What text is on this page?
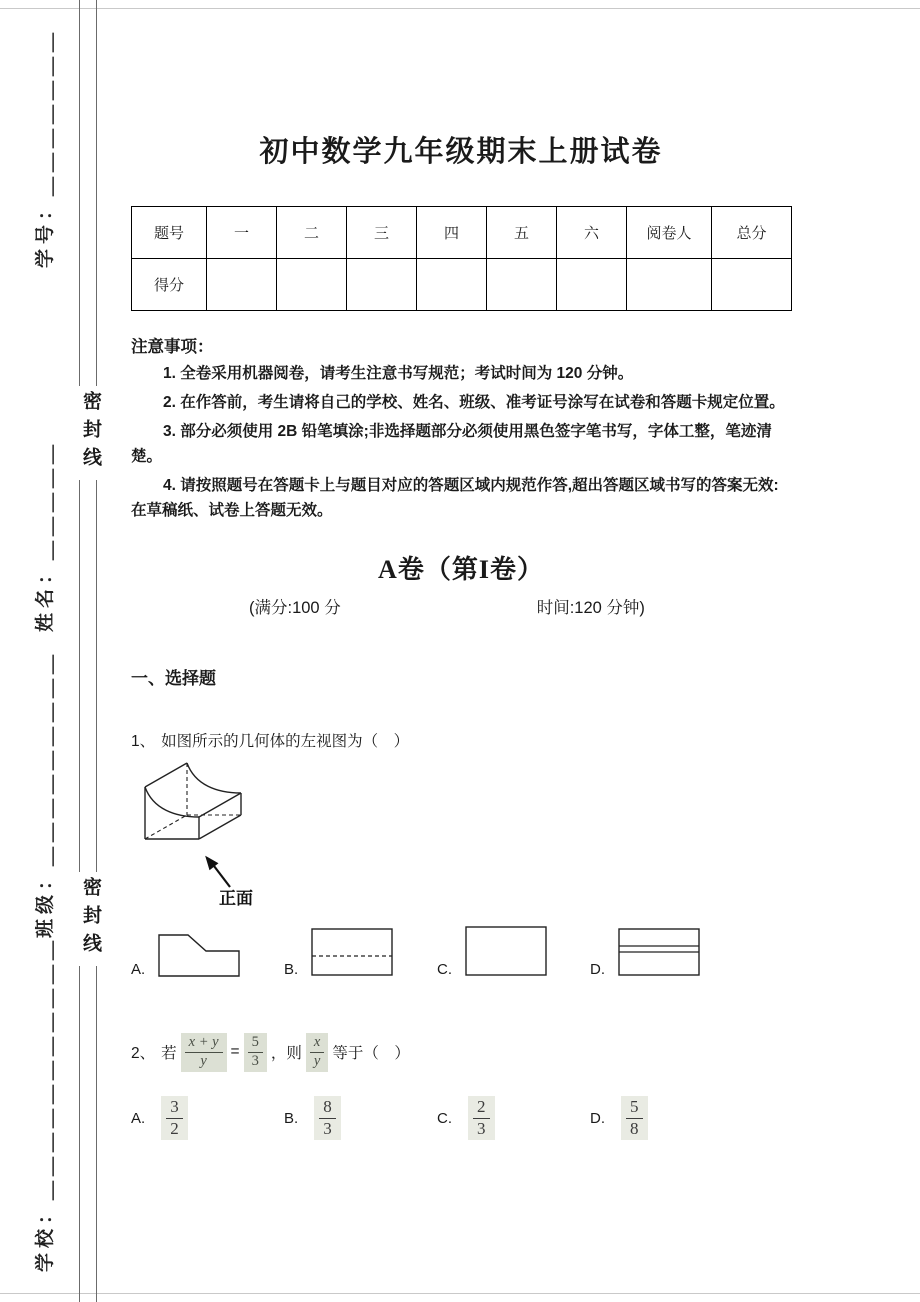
学号：＿＿＿＿＿＿＿
姓名：＿＿＿＿＿
班级：＿＿＿＿＿＿＿＿＿
学校：＿＿＿＿＿＿＿＿＿＿＿
密封线
密封线
初中数学九年级期末上册试卷
题号	一	二	三	四	五	六	阅卷人	总分
得分								
注意事项：

1. 全卷采用机器阅卷，请考生注意书写规范；考试时间为 120 分钟。

2. 在作答前，考生请将自己的学校、姓名、班级、准考证号涂写在试卷和答题卡规定位置。

3. 部分必须使用 2B 铅笔填涂;非选择题部分必须使用黑色签字笔书写，字体工整，笔迹清楚。

4. 请按照题号在答题卡上与题目对应的答题区域内规范作答,超出答题区域书写的答案无效:在草稿纸、试卷上答题无效。

A卷（第I卷）
(满分:100 分	时间:120 分钟)
一、选择题
1、 如图所示的几何体的左视图为（　）
正面
A.	B.	C.	D.
2、 若 $\frac{x + y}{y} = \frac{5}{3}$ ，则 $\frac{x}{y}$ 等于（　）
A. $\frac{3}{2}$	B. $\frac{8}{3}$	C. $\frac{2}{3}$	D. $\frac{5}{8}$
